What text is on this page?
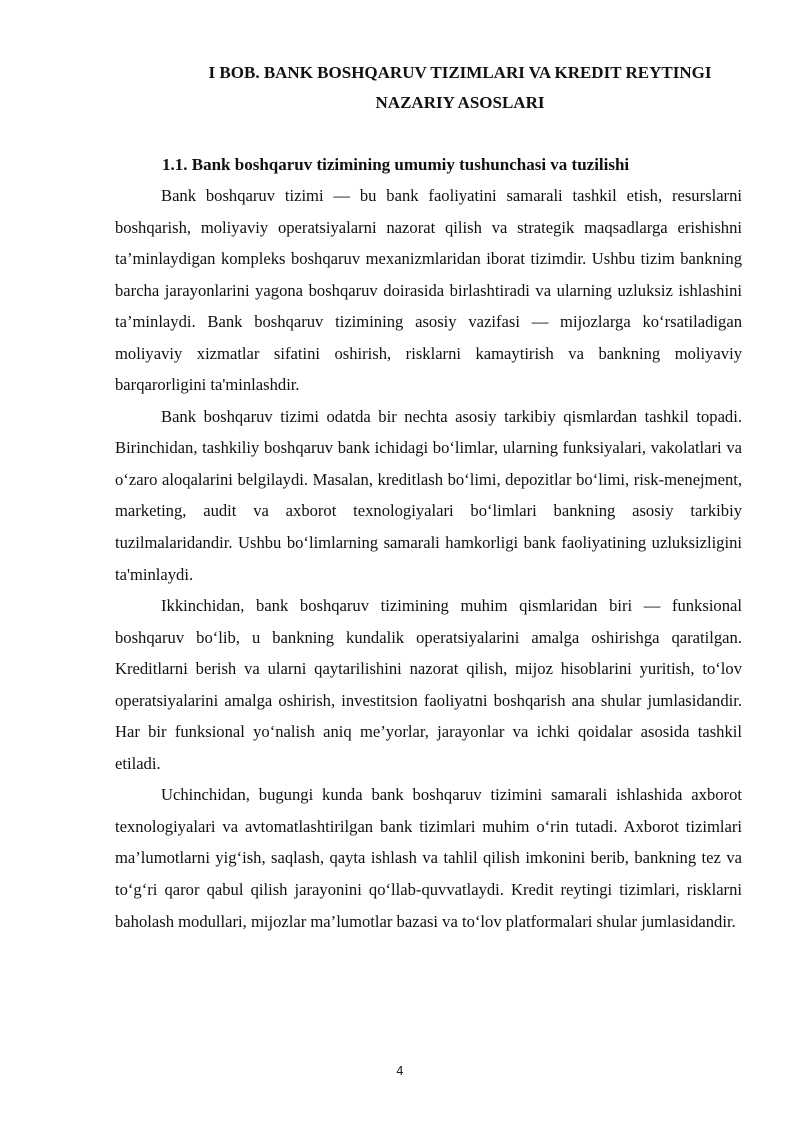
I BOB. BANK BOSHQARUV TIZIMLARI VA KREDIT REYTINGI
NAZARIY ASOSLARI
1.1. Bank boshqaruv tizimining umumiy tushunchasi va tuzilishi

Bank boshqaruv tizimi — bu bank faoliyatini samarali tashkil etish, resurslarni boshqarish, moliyaviy operatsiyalarni nazorat qilish va strategik maqsadlarga erishishni ta’minlaydigan kompleks boshqaruv mexanizmlaridan iborat tizimdir. Ushbu tizim bankning barcha jarayonlarini yagona boshqaruv doirasida birlashtiradi va ularning uzluksiz ishlashini ta’minlaydi. Bank boshqaruv tizimining asosiy vazifasi — mijozlarga ko‘rsatiladigan moliyaviy xizmatlar sifatini oshirish, risklarni kamaytirish va bankning moliyaviy barqarorligini ta'minlashdir.

Bank boshqaruv tizimi odatda bir nechta asosiy tarkibiy qismlardan tashkil topadi. Birinchidan, tashkiliy boshqaruv bank ichidagi bo‘limlar, ularning funksiyalari, vakolatlari va o‘zaro aloqalarini belgilaydi. Masalan, kreditlash bo‘limi, depozitlar bo‘limi, risk-menejment, marketing, audit va axborot texnologiyalari bo‘limlari bankning asosiy tarkibiy tuzilmalaridandir. Ushbu bo‘limlarning samarali hamkorligi bank faoliyatining uzluksizligini ta'minlaydi.

Ikkinchidan, bank boshqaruv tizimining muhim qismlaridan biri — funksional boshqaruv bo‘lib, u bankning kundalik operatsiyalarini amalga oshirishga qaratilgan. Kreditlarni berish va ularni qaytarilishini nazorat qilish, mijoz hisoblarini yuritish, to‘lov operatsiyalarini amalga oshirish, investitsion faoliyatni boshqarish ana shular jumlasidandir. Har bir funksional yo‘nalish aniq me’yorlar, jarayonlar va ichki qoidalar asosida tashkil etiladi.

Uchinchidan, bugungi kunda bank boshqaruv tizimini samarali ishlashida axborot texnologiyalari va avtomatlashtirilgan bank tizimlari muhim o‘rin tutadi. Axborot tizimlari ma’lumotlarni yig‘ish, saqlash, qayta ishlash va tahlil qilish imkonini berib, bankning tez va to‘g‘ri qaror qabul qilish jarayonini qo‘llab-quvvatlaydi. Kredit reytingi tizimlari, risklarni baholash modullari, mijozlar ma’lumotlar bazasi va to‘lov platformalari shular jumlasidandir.

4
